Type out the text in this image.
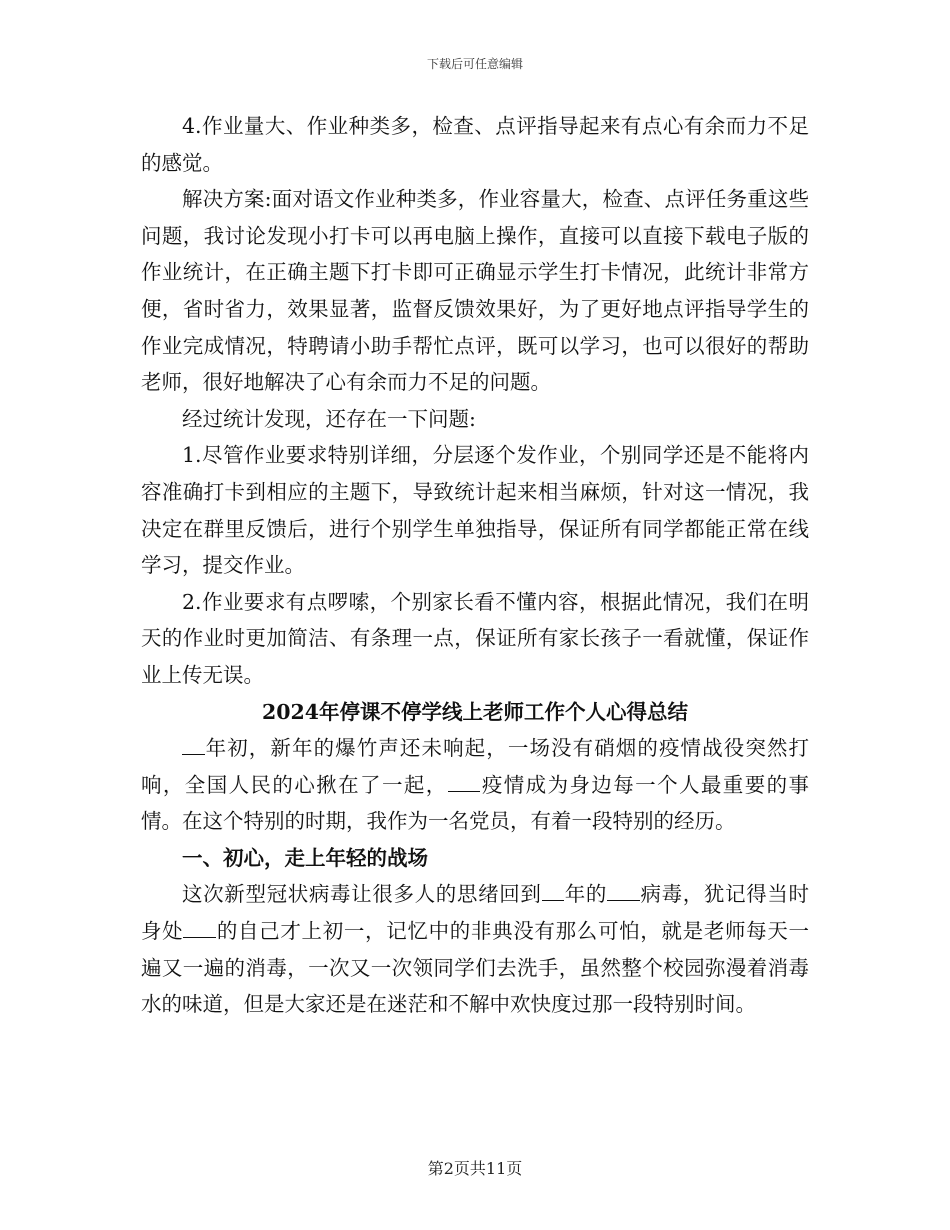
下载后可任意编辑

4.作业量大、作业种类多，检查、点评指导起来有点心有余而力不足的感觉。

解决方案:面对语文作业种类多，作业容量大，检查、点评任务重这些问题，我讨论发现小打卡可以再电脑上操作，直接可以直接下载电子版的作业统计，在正确主题下打卡即可正确显示学生打卡情况，此统计非常方便，省时省力，效果显著，监督反馈效果好，为了更好地点评指导学生的作业完成情况，特聘请小助手帮忙点评，既可以学习，也可以很好的帮助老师，很好地解决了心有余而力不足的问题。

经过统计发现，还存在一下问题:

1.尽管作业要求特别详细，分层逐个发作业，个别同学还是不能将内容准确打卡到相应的主题下，导致统计起来相当麻烦，针对这一情况，我决定在群里反馈后，进行个别学生单独指导，保证所有同学都能正常在线学习，提交作业。

2.作业要求有点啰嗦，个别家长看不懂内容，根据此情况，我们在明天的作业时更加简洁、有条理一点，保证所有家长孩子一看就懂，保证作业上传无误。

2024年停课不停学线上老师工作个人心得总结

年初，新年的爆竹声还未响起，一场没有硝烟的疫情战役突然打响，全国人民的心揪在了一起， 疫情成为身边每一个人最重要的事情。在这个特别的时期，我作为一名党员，有着一段特别的经历。

一、初心，走上年轻的战场

这次新型冠状病毒让很多人的思绪回到 年的 病毒，犹记得当时身处 的自己才上初一，记忆中的非典没有那么可怕，就是老师每天一遍又一遍的消毒，一次又一次领同学们去洗手，虽然整个校园弥漫着消毒水的味道，但是大家还是在迷茫和不解中欢快度过那一段特别时间。

第2页共11页
